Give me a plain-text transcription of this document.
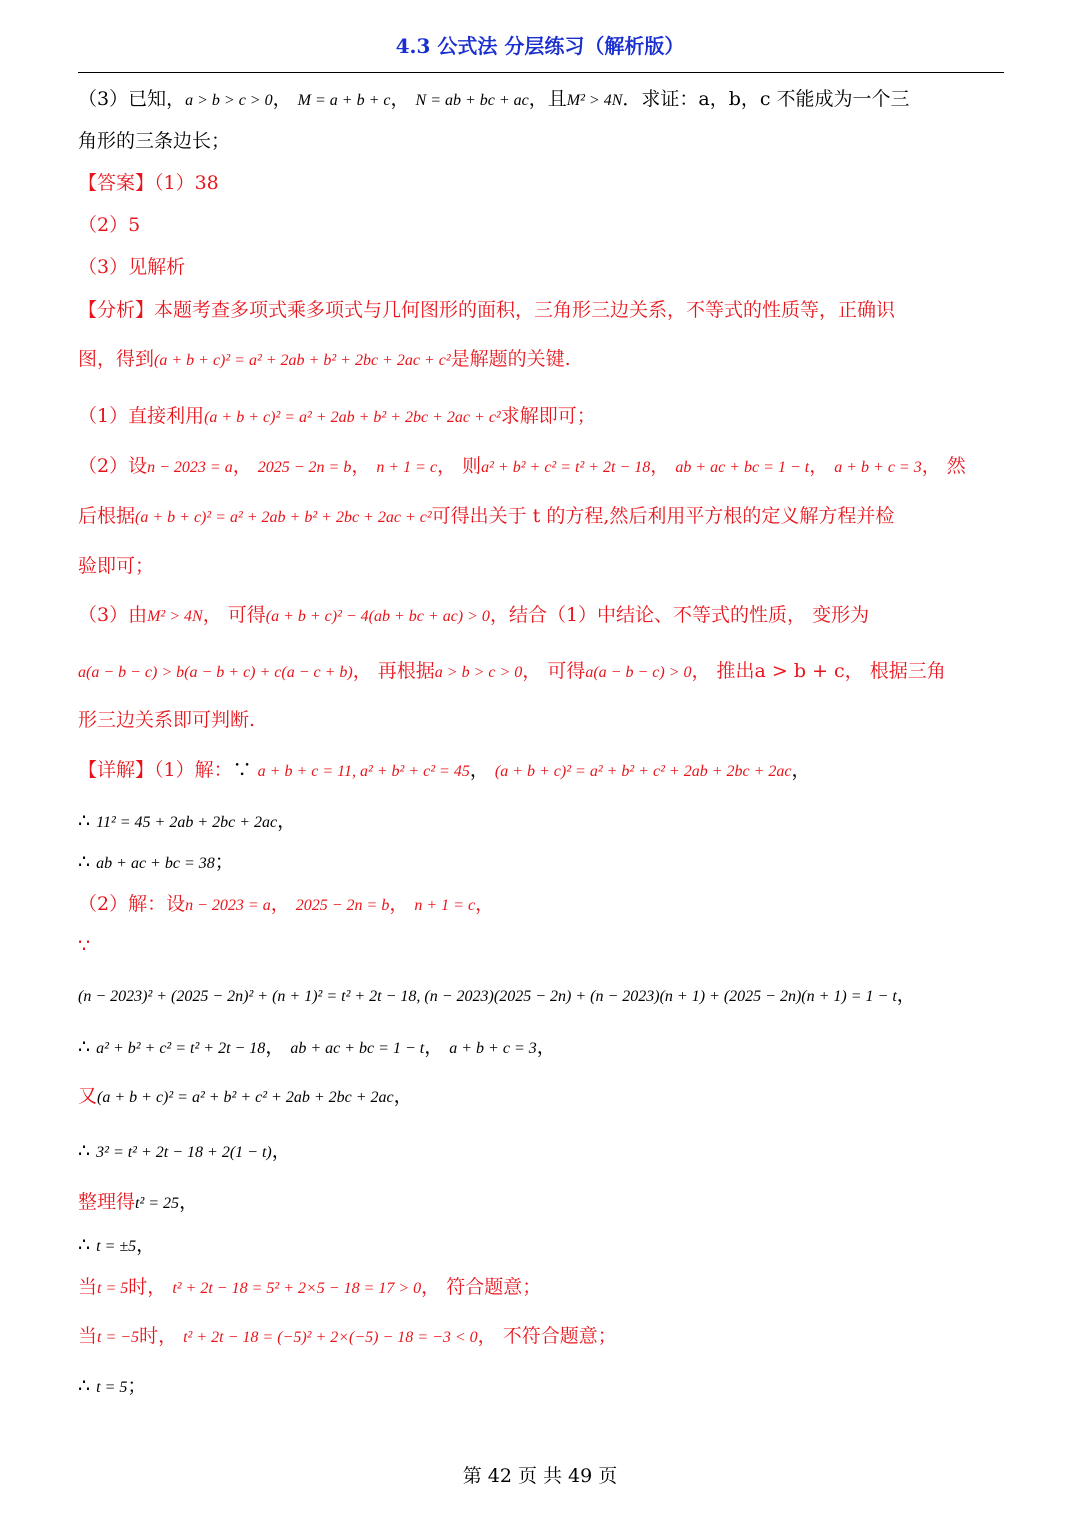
4.3 公式法 分层练习（解析版）
（3）已知，a > b > c > 0， M = a + b + c， N = ab + bc + ac，且M² > 4N．求证：a，b，c 不能成为一个三
角形的三条边长；
【答案】（1）38
（2）5
（3）见解析
【分析】本题考查多项式乘多项式与几何图形的面积，三角形三边关系，不等式的性质等，正确识
图，得到(a + b + c)² = a² + 2ab + b² + 2bc + 2ac + c²是解题的关键.
（1）直接利用(a + b + c)² = a² + 2ab + b² + 2bc + 2ac + c²求解即可；
（2）设n − 2023 = a， 2025 − 2n = b， n + 1 = c， 则a² + b² + c² = t² + 2t − 18， ab + ac + bc = 1 − t， a + b + c = 3， 然
后根据(a + b + c)² = a² + 2ab + b² + 2bc + 2ac + c²可得出关于 t 的方程,然后利用平方根的定义解方程并检
验即可；
（3）由M² > 4N， 可得(a + b + c)² − 4(ab + bc + ac) > 0，结合（1）中结论、不等式的性质， 变形为
a(a − b − c) > b(a − b + c) + c(a − c + b)， 再根据a > b > c > 0， 可得a(a − b − c) > 0， 推出a > b + c， 根据三角
形三边关系即可判断.
【详解】（1）解：∵ a + b + c = 11, a² + b² + c² = 45， (a + b + c)² = a² + b² + c² + 2ab + 2bc + 2ac，
∴ 11² = 45 + 2ab + 2bc + 2ac，
∴ ab + ac + bc = 38；
（2）解：设n − 2023 = a， 2025 − 2n = b， n + 1 = c，
∵
(n − 2023)² + (2025 − 2n)² + (n + 1)² = t² + 2t − 18, (n − 2023)(2025 − 2n) + (n − 2023)(n + 1) + (2025 − 2n)(n + 1) = 1 − t，
∴ a² + b² + c² = t² + 2t − 18， ab + ac + bc = 1 − t， a + b + c = 3，
又(a + b + c)² = a² + b² + c² + 2ab + 2bc + 2ac，
∴ 3² = t² + 2t − 18 + 2(1 − t)，
整理得t² = 25，
∴ t = ±5，
当t = 5时， t² + 2t − 18 = 5² + 2×5 − 18 = 17 > 0， 符合题意；
当t = −5时， t² + 2t − 18 = (−5)² + 2×(−5) − 18 = −3 < 0， 不符合题意；
∴ t = 5；
第 42 页 共 49 页
